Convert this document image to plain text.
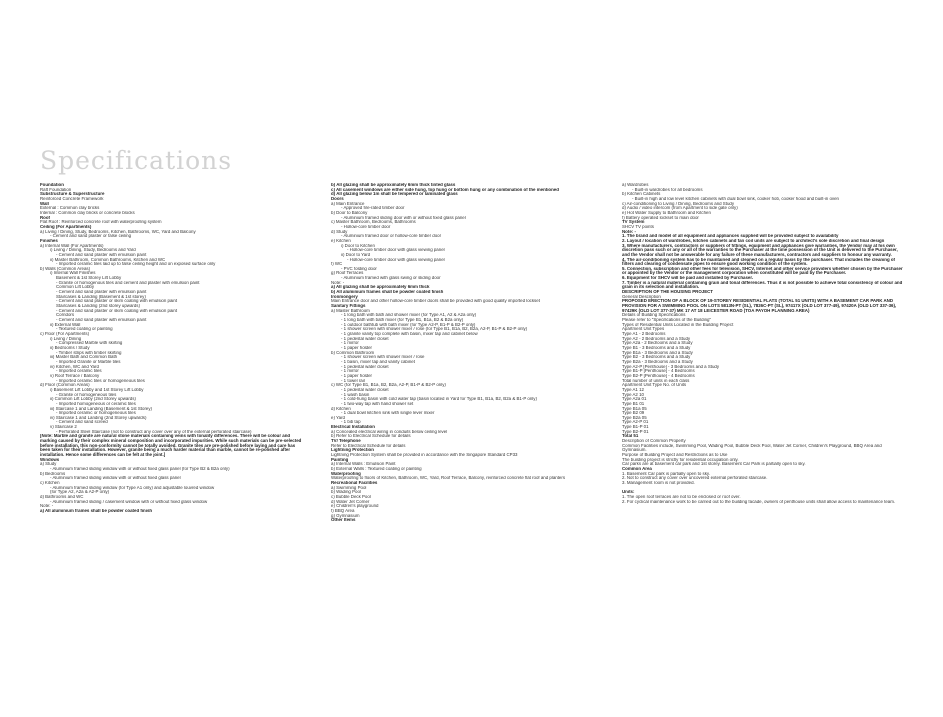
Specifications
Foundation
Raft Foundation
Substructure & Superstructure
Reinforced Concrete Framework
Wall
External : Common clay bricks
Internal : Common clay bricks or concrete blocks
Roof
Flat Roof : Reinforced concrete roof with waterproofing system
Ceiling (For Apartments)
a) Living / Dining, Study, Bedrooms, Kitchen, Bathrooms, WC, Yard and Balcony
- Cement and sand plaster or false ceiling
Finishes
a) Internal Wall (For Apartments)
i) Living / Dining, Study, Bedrooms and Yard
- Cement and sand plaster with emulsion paint
ii) Master Bathroom, Common Bathrooms, Kitchen and WC
- Imported ceramic tiles laid up to false ceiling height and on exposed surface only
b) Walls (Common Areas)
i) Internal Wall Finishes
Basement & 1st Storey Lift Lobby
- Granite or homogenous tiles and cement and plaster with emulsion paint
Common Lift Lobby
- Cement and sand plaster with emulsion paint
Staircases & Landing (Basement & 1st storey)
- Cement and sand plaster or skim coating with emulsion paint
Staircases & Landing (2nd storey upwards)
- Cement and sand plaster or skim coating with emulsion paint
Corridors
- Cement and sand plaster with emulsion paint
ii) External Wall
- Textured coating or painting
c) Floor (For Apartments)
i) Living / Dining
- Compressed Marble with skirting
ii) Bedrooms / Study
- Timber strips with timber skirting
iii) Master Bath and Common Bath
- Imported Granite or Marble tiles
iv) Kitchen, WC and Yard
- Imported ceramic tiles
v) Roof Terrace / Balcony
- Imported ceramic tiles or homogeneous tiles
d) Floor (Common Areas)
i) Basement Lift Lobby and 1st Storey Lift Lobby
- Granite or homogeneous tiles
ii) Common Lift Lobby (2nd Storey upwards)
- Imported homogeneous or ceramic tiles
iii) Staircase 1 and Landing (Basement & 1st Storey)
- Imported ceramic or homogeneous tiles
iv) Staircase 1 and Landing (2nd Storey upwards)
- Cement and sand screed
v) Staircase 2
- Perforated Steel Staircase (not to construct any cover over any of the external perforated staircase)
[Note: Marble and granite are natural stone materials containing veins with tonality differences. There will be colour and marking caused by their complex mineral composition and incorporated impurities. While such materials can be pre-selected before installation, this non-conformity cannot be totally avoided. Granite tiles are pre-polished before laying and care has been taken for their installation. However, granite being a much harder material than marble, cannot be re-polished after installation. Hence some differences can be felt at the joint.]
Windows
a) Study
- Aluminium framed sliding window with or without fixed glass panel (for Type B2 & B2a only)
b) Bedrooms
- Aluminium framed sliding window with or without fixed glass panel
c) Kitchen
- Aluminium framed sliding window (for Type A1 only) and adjustable louvred window
(for Type A2, A2a & A2-P only)
d) Bathrooms and WC
- Aluminium framed sliding / casement window with or without fixed glass window
Note: -
a) All aluminium frames shall be powder coated finish
b) All glazing shall be approximately 6mm thick tinted glass
c) All casement windows are either side hung, top hung or bottom hung or any combination of the mentioned
d) All glazing below 1m shall be tempered or laminated glass
Doors
a) Main Entrance
- Approved fire-rated timber door
b) Door to Balcony
- Aluminium framed sliding door with or without fixed glass panel
c) Master Bathroom, Bedrooms, Bathrooms
- Hollow-core timber door
d) Study
- Aluminium framed door or hollow-core timber door
e) Kitchen
i) Door to Kitchen
- Hollow-core timber door with glass viewing panel
ii) Door to Yard
- Hollow-core timber door with glass viewing panel
f) WC
- PVC folding door
g) Roof Terraces
- Aluminium framed with glass swing or sliding door
Note: -
a) All glazing shall be approximately 6mm thick
b) All aluminium frames shall be powder coated finish
Ironmongery
Main Entrance door and other hollow-core timber doors shall be provided with good quality imported lockset
Sanitary Fittings
a) Master Bathroom
- 1 long bath with bath and shower mixer (for Type A1, A2 & A2a only)
- 1 long bath with bath mixer (for Type B1, B1a, B2 & B2a only)
- 1 outdoor bathtub with bath mixer (for Type A2-P, B1-P & B2-P only)
- 1 shower screen with shower mixer / rose (for Type B1, B1a, B2, B2a, A2-P, B1-P & B2-P only)
- 1 granite vanity top complete with basin, mixer tap and cabinet below
- 1 pedestal water closet
- 1 mirror
- 1 paper holder
b) Common Bathroom
- 1 shower screen with shower mixer / rose
- 1 basin, mixer tap and vanity cabinet
- 1 pedestal water closet
- 1 mirror
- 1 paper holder
- 1 towel rail
c) WC (for Type B1, B1a, B2, B2a, A2-P, B1-P & B2-P only)
- 1 pedestal water closet
- 1 wash basin
- 1 cold-hung basin with cold water tap (basin located in Yard for Type B1, B1a, B2, B2a & B1-P only)
- 1 two-way tap with hand shower set
d) Kitchen
- 1 dual bowl kitchen sink with single lever mixer
e) Yard
- 1 bib tap
Electrical Installation
a) Concealed electrical wiring in conduits below ceiling level
b) Refer to Electrical Schedule for details
TV/ Telephone
Refer to Electrical Schedule for details
Lightning Protection
Lightning Protection System shall be provided in accordance with the Singapore Standard CP33
Painting
a) Internal Walls : Emulsion Paint
b) External Walls : Textured coating or painting
Waterproofing
Waterproofing to floors of Kitchen, Bathroom, WC, Yard, Roof Terrace, Balcony, reinforced concrete flat roof and planters
Recreational Facilities
a) Swimming Pool
b) Wading Pool
c) Bubble Deck Pool
d) Water Jet Corner
e) Children's playground
f) BBQ Area
g) Gymnasium
Other Items
a) Wardrobes
- Built-in wardrobes for all bedrooms
b) Kitchen Cabinets
- Built-in high and low level kitchen cabinets with dual bowl sink, cooker hob, cooker hood and built-in oven
c) Air-conditioning to Living / Dining, Bedrooms and Study
d) Audio / video intercom (from Apartment to side gate only)
e) Hot Water Supply to Bathroom and Kitchen
f) Battery operated lockset to main door
TV System
SHCV TV points
Note: -
1. The brand and model of all equipment and appliances supplied will be provided subject to availability
2. Layout / location of wardrobes, kitchen cabinets and fan coil units are subject to architect's sole discretion and final design
3. Where manufacturers, contractors or suppliers of fittings, equipment and appliances give warranties, the Vendor may at his own discretion pass such or any or all of the warranties to the Purchaser at the time possession of the Unit is delivered to the Purchaser, and the Vendor shall not be answerable for any failure of these manufacturers, contractors and suppliers to honour any warranty.
4. The air-conditioning system has to be maintained and cleaned on a regular basis by the purchaser. That includes the cleaning of filters and clearing of condensate pipes to ensure good working condition of the system.
5. Connection, subscription and other fees for television, SHCV, Internet and other service providers whether chosen by the Purchaser or appointed by the Vendor or the management corporation when constituted will be paid by the Purchaser.
6. Equipment for SHCV will be paid and installed by Purchaser.
7. Timber is a natural material containing grain and tonal differences. Thus it is not possible to achieve total consistency of colour and grain in its selection and installation.
DESCRIPTION OF THE HOUSING PROJECT
General Description
PROPOSED ERECTION OF A BLOCK OF 19-STOREY RESIDENTIAL FLATS (TOTAL 51 UNITS) WITH A BASEMENT CAR PARK AND PROVISION FOR A SWIMMING POOL ON LOTS 5813N-PT (SL), 7826C-PT (SL), 97417X (OLD LOT 377-49), 97420A (OLD LOT 337-36), 97429K (OLD LOT 377-37) MK 17 AT 18 LEICESTER ROAD (TOA PAYOH PLANNING AREA)
Details of Building Specifications
Please refer to "Specifications of the Building"
Types of Residential Units Located in the Building Project
Apartment Unit Types
Type A1 - 2 Bedrooms
Type A2 - 2 Bedrooms and a Study
Type A2a - 2 Bedrooms and a Study
Type B1 - 3 Bedrooms and a Study
Type B1a - 3 Bedrooms and a Study
Type B2 - 3 Bedrooms and a Study
Type B2a - 3 Bedrooms and a Study
Type A2-P [Penthouse] - 3 Bedrooms and a Study
Type B1-P [Penthouse] - 4 Bedrooms
Type B2-P [Penthouse] - 4 Bedrooms
Total number of units in each class
Apartment Unit Type No. of Units
Type A1 12
Type A2 10
Type A2a 01
Type B1 01
Type B1a 05
Type B2 09
Type B2a 05
Type A2-P 01
Type B1-P 01
Type B2-P 01
Total 51
Description of Common Property
Common Facilities include, Swimming Pool, Wading Pool, Bubble Deck Pool, Water Jet Corner, Children's Playground, BBQ Area and Gymnasium.
Purpose of Building Project and Restrictions as to Use
The building project is strictly for residential occupation only.
Car parks are at basement car park and 1st storey. Basement Car Park is partially open to sky.
Common Area
1. Basement Car park is partially open to sky.
2. Not to construct any cover over uncovered external perforated staircase.
3. Management room is not provided.

Units:
1. The open roof terraces are not to be enclosed or roof over.
2. For cyclical maintenance work to be carried out to the building facade, owners of penthouse units shall allow access to maintenance team.
